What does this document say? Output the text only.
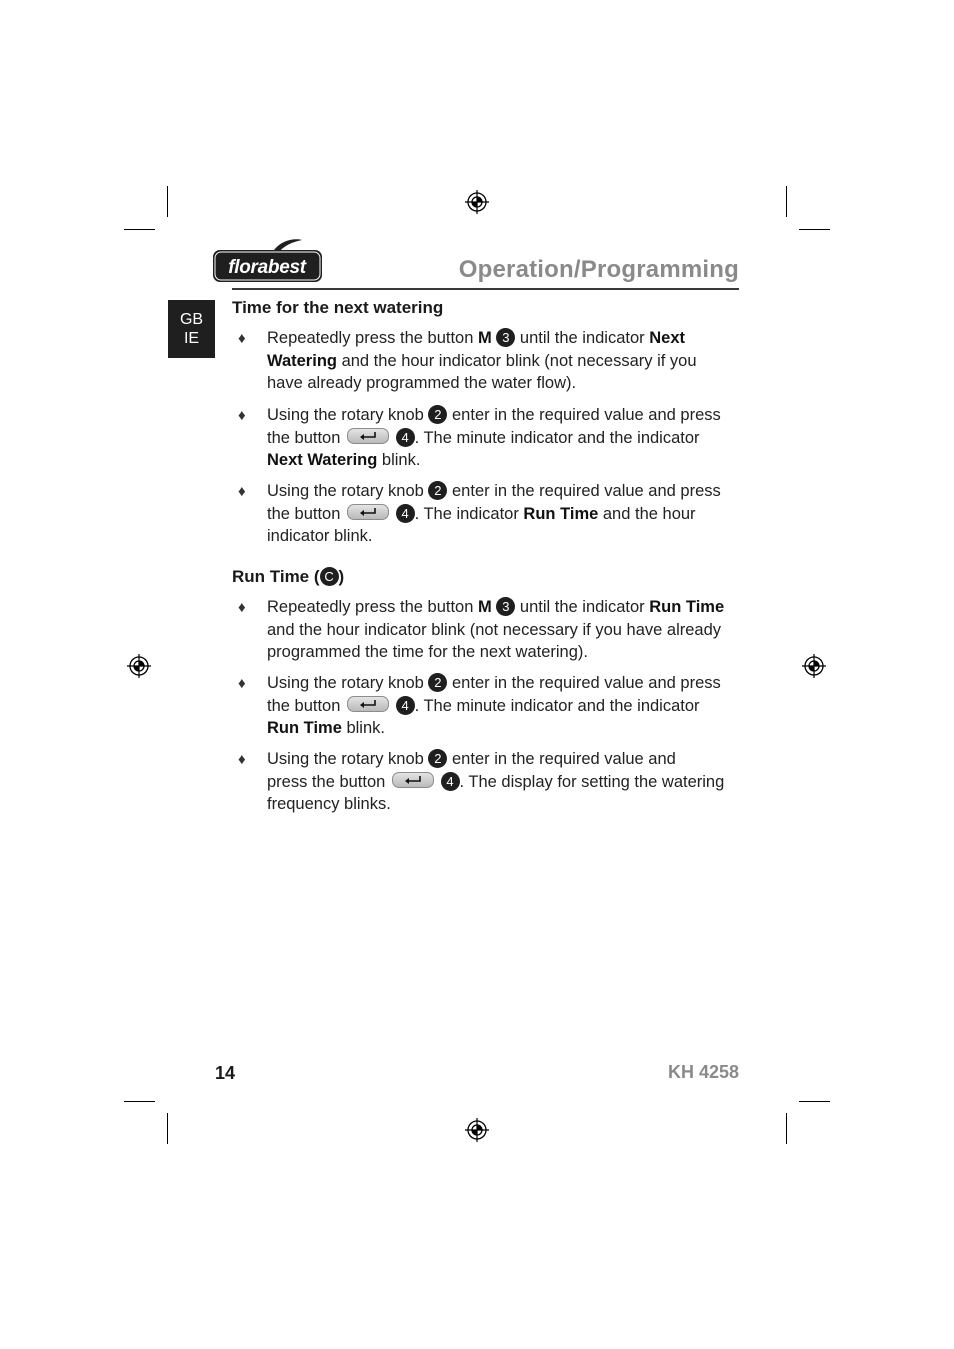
florabest	Operation/Programming
GB
IE
Time for the next watering
♦ Repeatedly press the button M 3 until the indicator Next
Watering and the hour indicator blink (not necessary if you
have already programmed the water flow).
♦ Using the rotary knob 2 enter in the required value and press
the button	4 . The minute indicator and the indicator
Next Watering blink.
♦ Using the rotary knob 2 enter in the required value and press
the button	4 . The indicator Run Time and the hour
indicator blink.
Run Time ( C )
♦ Repeatedly press the button M 3 until the indicator Run Time
and the hour indicator blink (not necessary if you have already
programmed the time for the next watering).
♦ Using the rotary knob 2 enter in the required value and press
the button	4 . The minute indicator and the indicator
Run Time blink.
♦ Using the rotary knob 2 enter in the required value and
press the button	4 . The display for setting the watering
frequency blinks.
14	KH 4258
